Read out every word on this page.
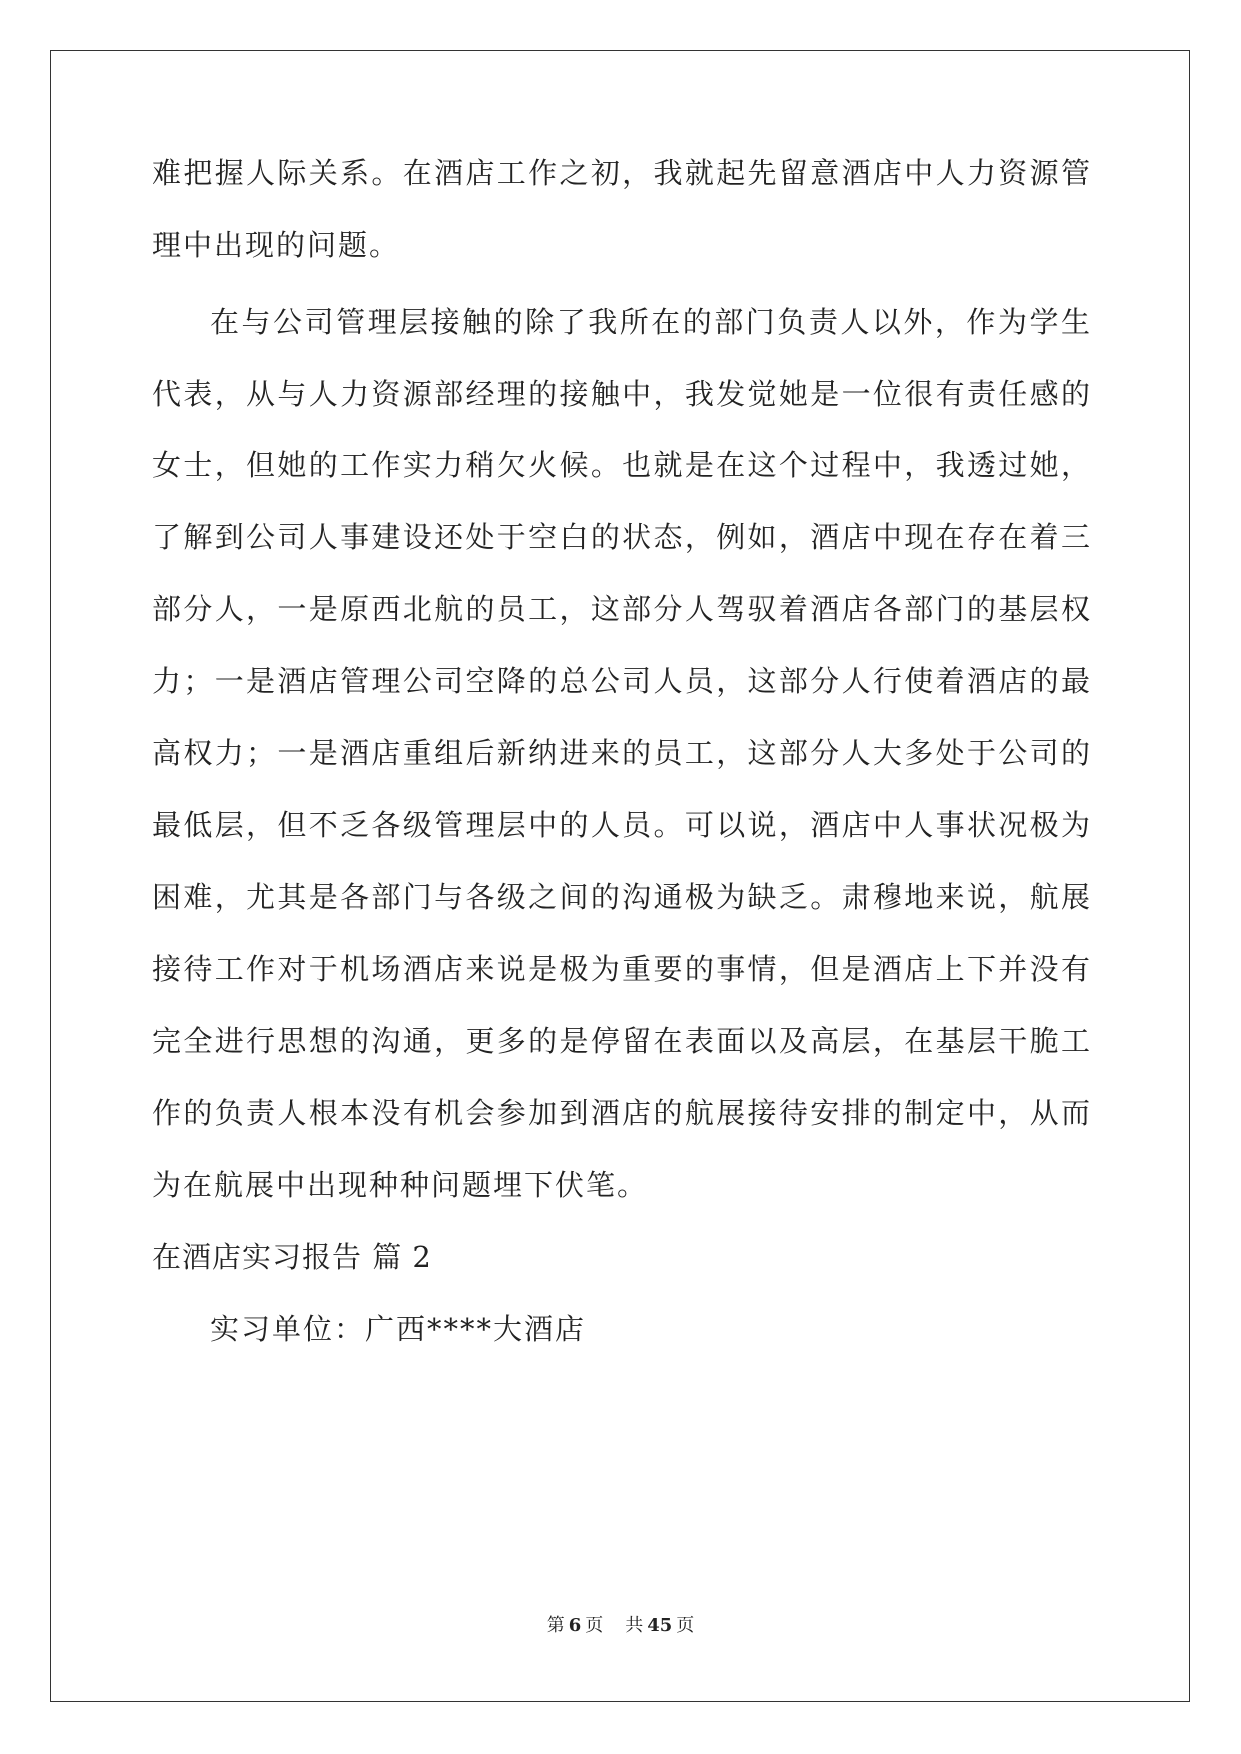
难把握人际关系。在酒店工作之初，我就起先留意酒店中人力资源管
理中出现的问题。
在与公司管理层接触的除了我所在的部门负责人以外，作为学生
代表，从与人力资源部经理的接触中，我发觉她是一位很有责任感的
女士，但她的工作实力稍欠火候。也就是在这个过程中，我透过她，
了解到公司人事建设还处于空白的状态，例如，酒店中现在存在着三
部分人，一是原西北航的员工，这部分人驾驭着酒店各部门的基层权
力；一是酒店管理公司空降的总公司人员，这部分人行使着酒店的最
高权力；一是酒店重组后新纳进来的员工，这部分人大多处于公司的
最低层，但不乏各级管理层中的人员。可以说，酒店中人事状况极为
困难，尤其是各部门与各级之间的沟通极为缺乏。肃穆地来说，航展
接待工作对于机场酒店来说是极为重要的事情，但是酒店上下并没有
完全进行思想的沟通，更多的是停留在表面以及高层，在基层干脆工
作的负责人根本没有机会参加到酒店的航展接待安排的制定中，从而
为在航展中出现种种问题埋下伏笔。
在酒店实习报告 篇 2
实习单位：广西****大酒店
第 6 页 共 45 页
